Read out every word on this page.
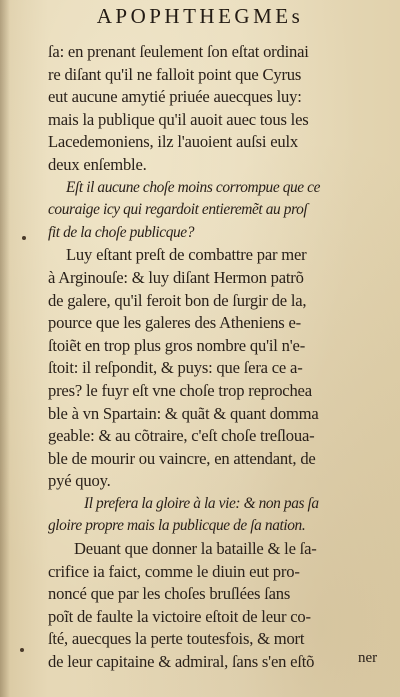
APOPHTHEGMEs
ſa: en prenant ſeulement ſon eſtat ordinai
re diſant qu'il ne falloit point que Cyrus
eut aucune amytié priuée auecques luy:
mais la publique qu'il auoit auec tous les
Lacedemoniens, ilz l'auoient auſsi eulx
deux enſemble.
Eſt il aucune choſe moins corrompue que ce
couraige icy qui regardoit entieremẽt au proſ
fit de la choſe publicque?
Luy eſtant preſt de combattre par mer
à Arginouſe: & luy diſant Hermon patrõ
de galere, qu'il feroit bon de ſurgir de la,
pource que les galeres des Atheniens e-
ſtoiẽt en trop plus gros nombre qu'il n'e-
ſtoit: il reſpondit, & puys: que ſera ce a-
pres? le fuyr eſt vne choſe trop reprochea
ble à vn Spartain: & quãt & quant domma
geable: & au cõtraire, c'eſt choſe treſloua-
ble de mourir ou vaincre, en attendant, de
pyé quoy.
Il prefera la gloire à la vie: & non pas ſa
gloire propre mais la publicque de ſa nation.
Deuant que donner la bataille & le ſa-
crifice ia faict, comme le diuin eut pro-
noncé que par les choſes bruſlées ſans
poĩt de faulte la victoire eſtoit de leur co-
ſté, auecques la perte toutesfois, & mort
de leur capitaine & admiral, ſans s'en eſtõ	ner
